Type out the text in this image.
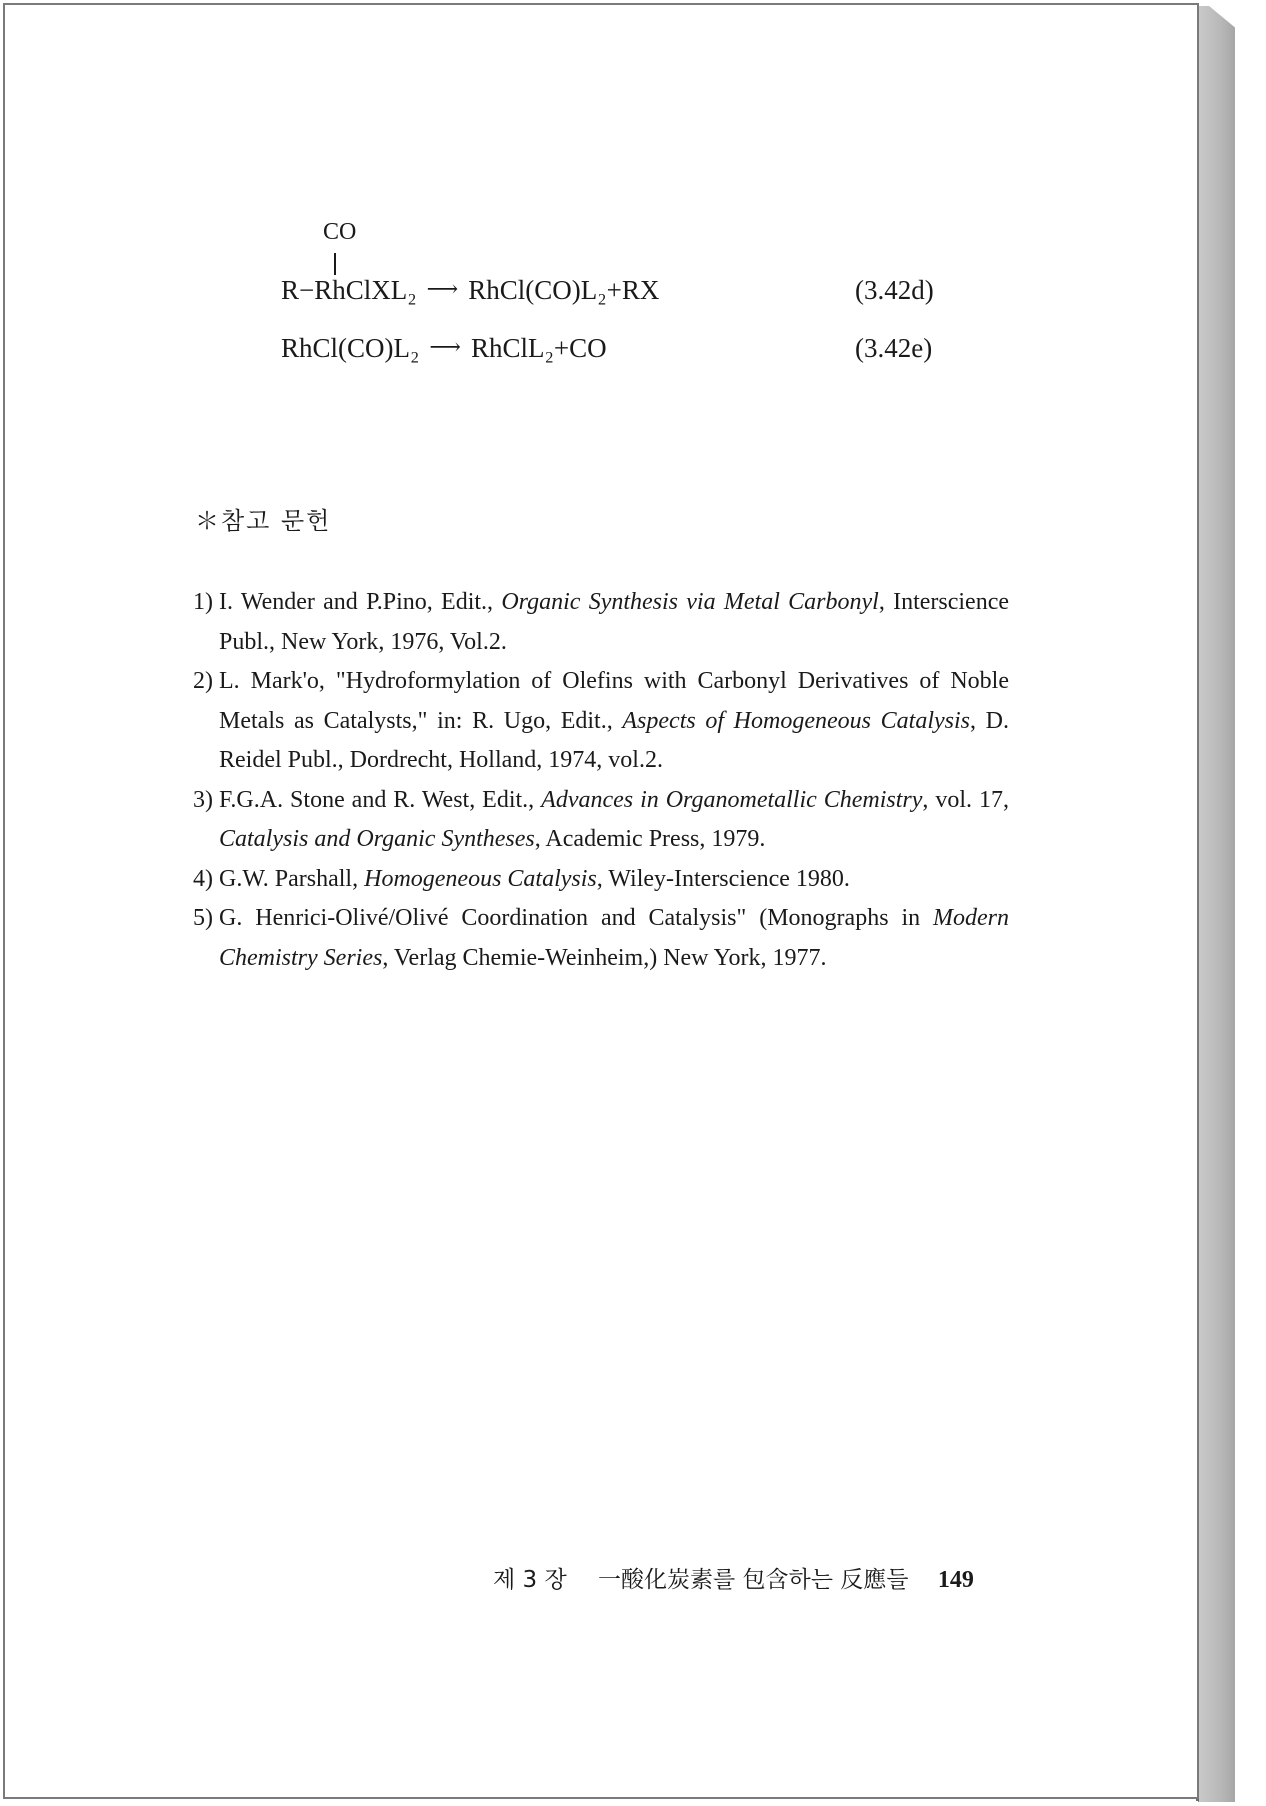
CO
R−RhClXL₂ ⟶ RhCl(CO)L₂+RX	(3.42d)
RhCl(CO)L₂ ⟶ RhClL₂+CO	(3.42e)
＊참고 문헌
1) I. Wender and P.Pino, Edit., Organic Synthesis via Metal Carbonyl, Interscience Publ., New York, 1976, Vol.2.
2) L. Mark'o, "Hydroformylation of Olefins with Carbonyl Derivatives of Noble Metals as Catalysts," in: R. Ugo, Edit., Aspects of Homogeneous Catalysis, D. Reidel Publ., Dordrecht, Holland, 1974, vol.2.
3) F.G.A. Stone and R. West, Edit., Advances in Organometallic Chemistry, vol. 17, Catalysis and Organic Syntheses, Academic Press, 1979.
4) G.W. Parshall, Homogeneous Catalysis, Wiley-Interscience 1980.
5) G. Henrici-Olivé/Olivé Coordination and Catalysis" (Monographs in Modern Chemistry Series, Verlag Chemie-Weinheim,) New York, 1977.
제 3 장 一酸化炭素를 包含하는 反應들 149
